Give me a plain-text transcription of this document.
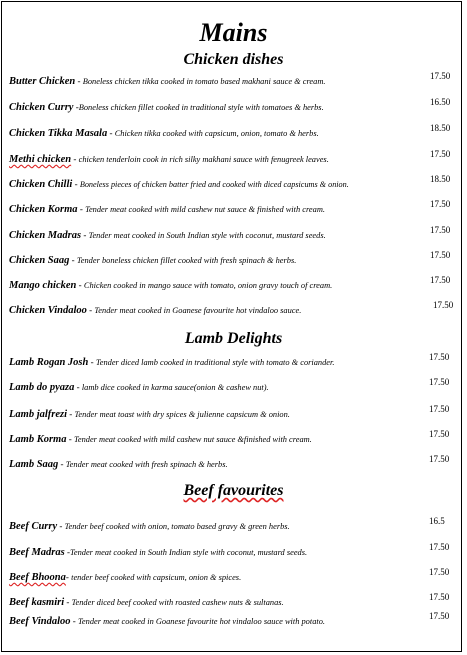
Mains
Chicken dishes
Butter Chicken - Boneless chicken tikka cooked in tomato based makhani sauce & cream.
17.50
Chicken Curry -Boneless chicken fillet cooked in traditional style with tomatoes & herbs.
16.50
Chicken Tikka Masala - Chicken tikka cooked with capsicum, onion, tomato & herbs.
18.50
Methi chicken - chicken tenderloin cook in rich silky makhani sauce with fenugreek leaves.
17.50
Chicken Chilli - Boneless pieces of chicken batter fried and cooked with diced capsicums & onion.
18.50
Chicken Korma - Tender meat cooked with mild cashew nut sauce & finished with cream.
17.50
Chicken Madras - Tender meat cooked in South Indian style with coconut, mustard seeds.
17.50
Chicken Saag - Tender boneless chicken fillet cooked with fresh spinach & herbs.
17.50
Mango chicken - Chicken cooked in mango sauce with tomato, onion gravy touch of cream.
17.50
Chicken Vindaloo - Tender meat cooked in Goanese favourite hot vindaloo sauce.
17.50
Lamb Delights
Lamb Rogan Josh - Tender diced lamb cooked in traditional style with tomato & coriander.
17.50
Lamb do pyaza - lamb dice cooked in karma sauce(onion & cashew nut).
17.50
Lamb jalfrezi - Tender meat toast with dry spices & julienne capsicum & onion.
17.50
Lamb Korma - Tender meat cooked with mild cashew nut sauce &finished with cream.
17.50
Lamb Saag - Tender meat cooked with fresh spinach & herbs.
17.50
Beef favourites
Beef Curry - Tender beef cooked with onion, tomato based gravy & green herbs.
16.5
Beef Madras -Tender meat cooked in South Indian style with coconut, mustard seeds.
17.50
Beef Bhoona- tender beef cooked with capsicum, onion & spices.
17.50
Beef kasmiri - Tender diced beef cooked with roasted cashew nuts & sultanas.
17.50
Beef Vindaloo - Tender meat cooked in Goanese favourite hot vindaloo sauce with potato.
17.50
